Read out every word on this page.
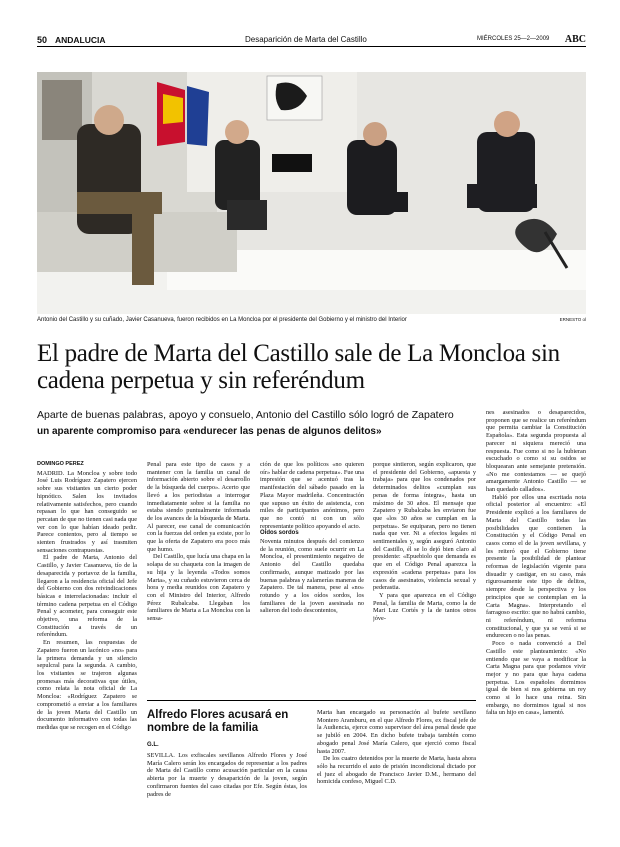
50 ANDALUCIA	Desaparición de Marta del Castillo	MIÉRCOLES 25—2—2009 ABC
Antonio del Castillo y su cuñado, Javier Casanueva, fueron recibidos en La Moncloa por el presidente del Gobierno y el ministro del Interior	ERNESTO ol
El padre de Marta del Castillo sale de La Moncloa sin cadena perpetua y sin referéndum
Aparte de buenas palabras, apoyo y consuelo, Antonio del Castillo sólo logró de Zapatero
un aparente compromiso para «endurecer las penas de algunos delitos»

DOMINGO PÉREZ

MADRID. La Moncloa y sobre todo José Luis Rodríguez Zapatero ejercen sobre sus visitantes un cierto poder hipnótico. Salen los invitados relativamente satisfechos, pero cuando repasan lo que han conseguido se percatan de que no tienen casi nada que ver con lo que habían ideado pedir. Parece contentos, pero al tiempo se sienten frustrados y así trasmiten sensaciones contrapuestas.

El padre de Marta, Antonio del Castillo, y Javier Casanueva, tío de la desaparecida y portavoz de la familia, llegaron a la residencia oficial del Jefe del Gobierno con dos reivindicaciones básicas e interrelacionadas: incluir el término cadena perpetua en el Código Penal y acometer, para conseguir este objetivo, una reforma de la Constitución a través de un referéndum.

En resumen, las respuestas de Zapatero fueron un lacónico «no» para la primera demanda y un silencio sepulcral para la segunda. A cambio, los visitantes se trajeron algunas promesas más decorativas que útiles, como relata la nota oficial de La Moncloa: «Rodríguez Zapatero se comprometió a enviar a los familiares de la joven Marta del Castillo un documento informativo con todas las medidas que se recogen en el Código

Penal para este tipo de casos y a mantener con la familia un canal de información abierto sobre el desarrollo de la búsqueda del cuerpo». Acerto que llevó a los periodistas a interrogar inmediatamente sobre si la familia no estaba siendo puntualmente informada de los avances de la búsqueda de Marta. Al parecer, ese canal de comunicación con la fuerzas del orden ya existe, por lo que la oferta de Zapatero era poco más que humo.

Del Castillo, que lucía una chapa en la solapa de su chaqueta con la imagen de su hija y la leyenda «Todos somos Marta», y su cuñado estuvieron cerca de hora y media reunidos con Zapatero y con el Ministro del Interior, Alfredo Pérez Rubalcaba. Llegaban los familiares de Marta a La Moncloa con la sensa-

ción de que los políticos «no quieren oír» hablar de cadena perpetua». Fue una impresión que se acentuó tras la manifestación del sábado pasado en la Plaza Mayor madrileña. Concentración que supuso un éxito de asistencia, con miles de participantes anónimos, pero que no contó ni con un sólo representante político apoyando el acto.

Oídos sordos

Noventa minutos después del comienzo de la reunión, como suele ocurrir en La Moncloa, el presentimiento negativo de Antonio del Castillo quedaba confirmado, aunque matizado por las buenas palabras y zalamerías maneras de Zapatero. De tal manera, pese al «no» rotundo y a los oídos sordos, los familiares de la joven asesinada no salieron del todo descontentos,

porque sintieron, según explicaron, que el presidente del Gobierno, «apuesta y trabaja» para que los condenados por determinados delitos «cumplan sus penas de forma íntegra», hasta un máximo de 30 años. El mensaje que Zapatero y Rubalcaba les enviaron fue que «los 30 años se cumplan en la perpetua». Se equiparan, pero no tienen nada que ver. Ni a efectos legales ni sentimentales y, según aseguró Antonio del Castillo, él se lo dejó bien claro al presidente: «Epuebiolo que demanda es que en el Código Penal aparezca la expresión «cadena perpetua» para los casos de asesinatos, violencia sexual y pederastia.

Y para que aparezca en el Código Penal, la familia de Marta, como la de Mari Luz Cortés y la de tantos otros jóve-

nes asesinados o desaparecidos, proponen que se realice un referéndum que permita cambiar la Constitución Española». Esta segunda propuesta al parecer ni siquiera mereció una respuesta. Fue como si no la hubieran escuchado o como si su osidos se bloquearan ante semejante pretensión. «No me contestamos — se quejó amargamente Antonio Castillo — se han quedado callados».

Habló por ellos una escritada nota oficial posterior al encuentro: «El Presidente explicó a los familiares de Marta del Castillo todas las posibilidades que contienen la Constitución y el Código Penal en casos como el de la joven sevillana, y les reiteró que el Gobierno tiene presente la posibilidad de plantear reformas de legislación vigente para disuadir y castigar, en su caso, más rigurosamente este tipo de delitos, siempre desde la perspectiva y los principios que se contemplan en la Carta Magna». Interpretando el farragoso escrito: que no habrá cambio, ni referéndum, ni reforma constitucional, y que ya se verá si se endurecen o no las penas.

Poco o nada convenció a Del Castillo este planteamiento: «No entiendo que se vaya a modificar la Carta Magna para que podamos vivir mejor y no para que haya cadena perpetua. Los españoles dormimos igual de bien si nos gobierna un rey como si lo hace una reina. Sin embargo, no dormimos igual si nos falta un hijo en casa», lamentó.

Alfredo Flores acusará en nombre de la familia
G.L.

SEVILLA. Los exfiscales sevillanos Alfredo Flores y José María Calero serán los encargados de representar a los padres de Marta del Castillo como acusación particular en la causa abierta por la muerte y desaparición de la joven, según confirmaron fuentes del caso citadas por Efe. Según éstas, los padres de

Marta han encargado su personación al bufete sevillano Montero Aramburu, en el que Alfredo Flores, ex fiscal jefe de la Audiencia, ejerce como supervisor del área penal desde que se jubiló en 2004. En dicho bufete trabaja también como abogado penal José María Calero, que ejerció como fiscal hasta 2007.

De los cuatro detenidos por la muerte de Marta, hasta ahora sólo ha recurrido el auto de prisión incondicional dictado por el juez el abogado de Francisco Javier D.M., hermano del homicida confeso, Miguel C.D.
